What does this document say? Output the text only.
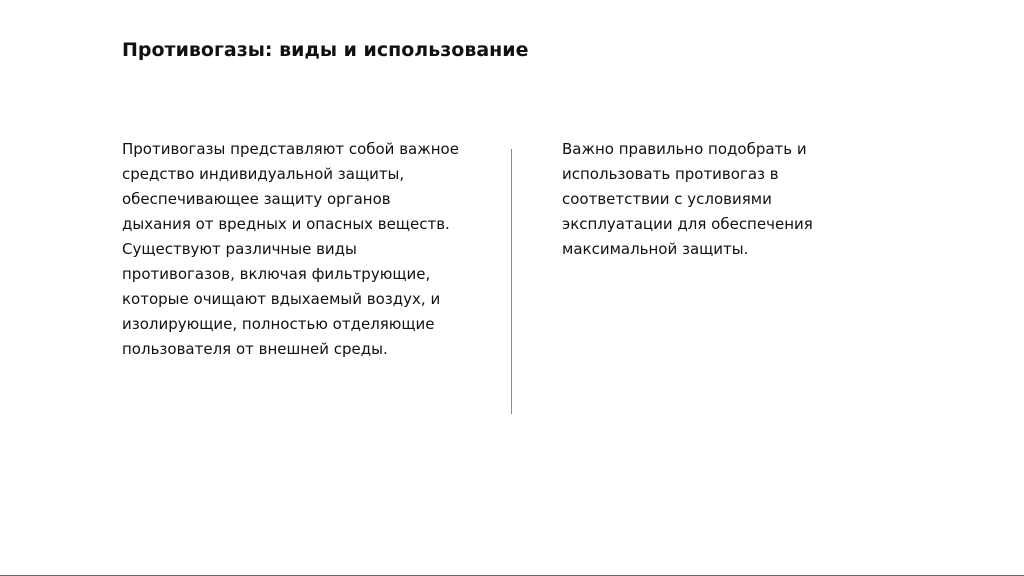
Противогазы: виды и использование

Противогазы представляют собой важное средство индивидуальной защиты, обеспечивающее защиту органов дыхания от вредных и опасных веществ. Существуют различные виды противогазов, включая фильтрующие, которые очищают вдыхаемый воздух, и изолирующие, полностью отделяющие пользователя от внешней среды.

Важно правильно подобрать и использовать противогаз в соответствии с условиями эксплуатации для обеспечения максимальной защиты.
